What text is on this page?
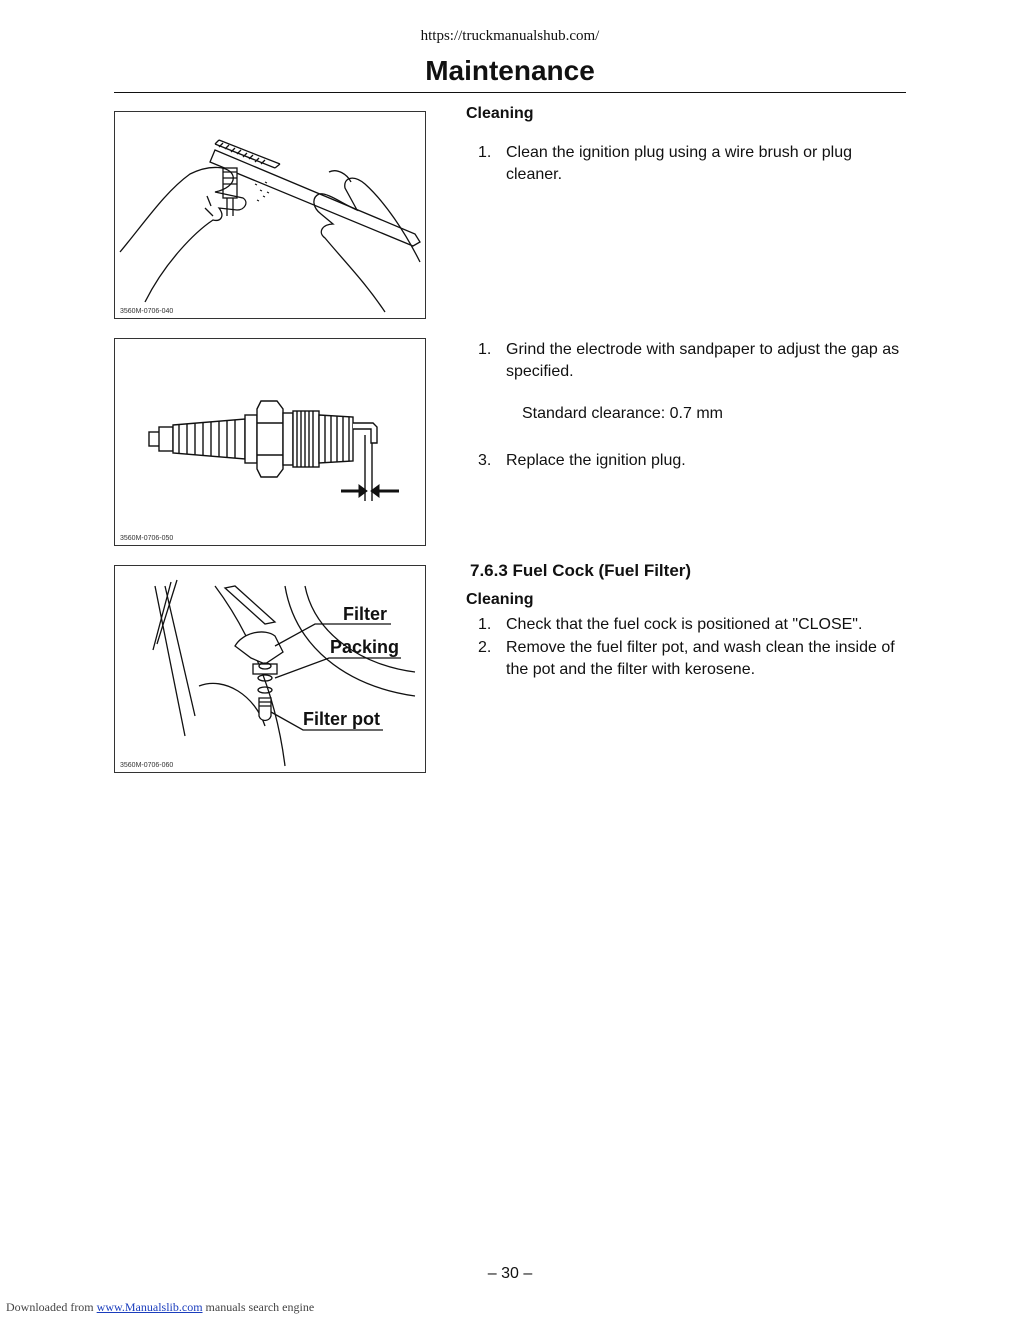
https://truckmanualshub.com/
Maintenance
3560M-0706-040
3560M-0706-050
Filter
Packing
Filter pot
3560M-0706-060
Cleaning
1. Clean the ignition plug using a wire brush or plug cleaner.
1. Grind the electrode with sandpaper to adjust the gap as specified.
Standard clearance: 0.7 mm
3. Replace the ignition plug.
7.6.3 Fuel Cock (Fuel Filter)
Cleaning
1. Check that the fuel cock is positioned at "CLOSE".
2. Remove the fuel filter pot, and wash clean the inside of the pot and the filter with kerosene.
– 30 –
Downloaded from www.Manualslib.com manuals search engine
